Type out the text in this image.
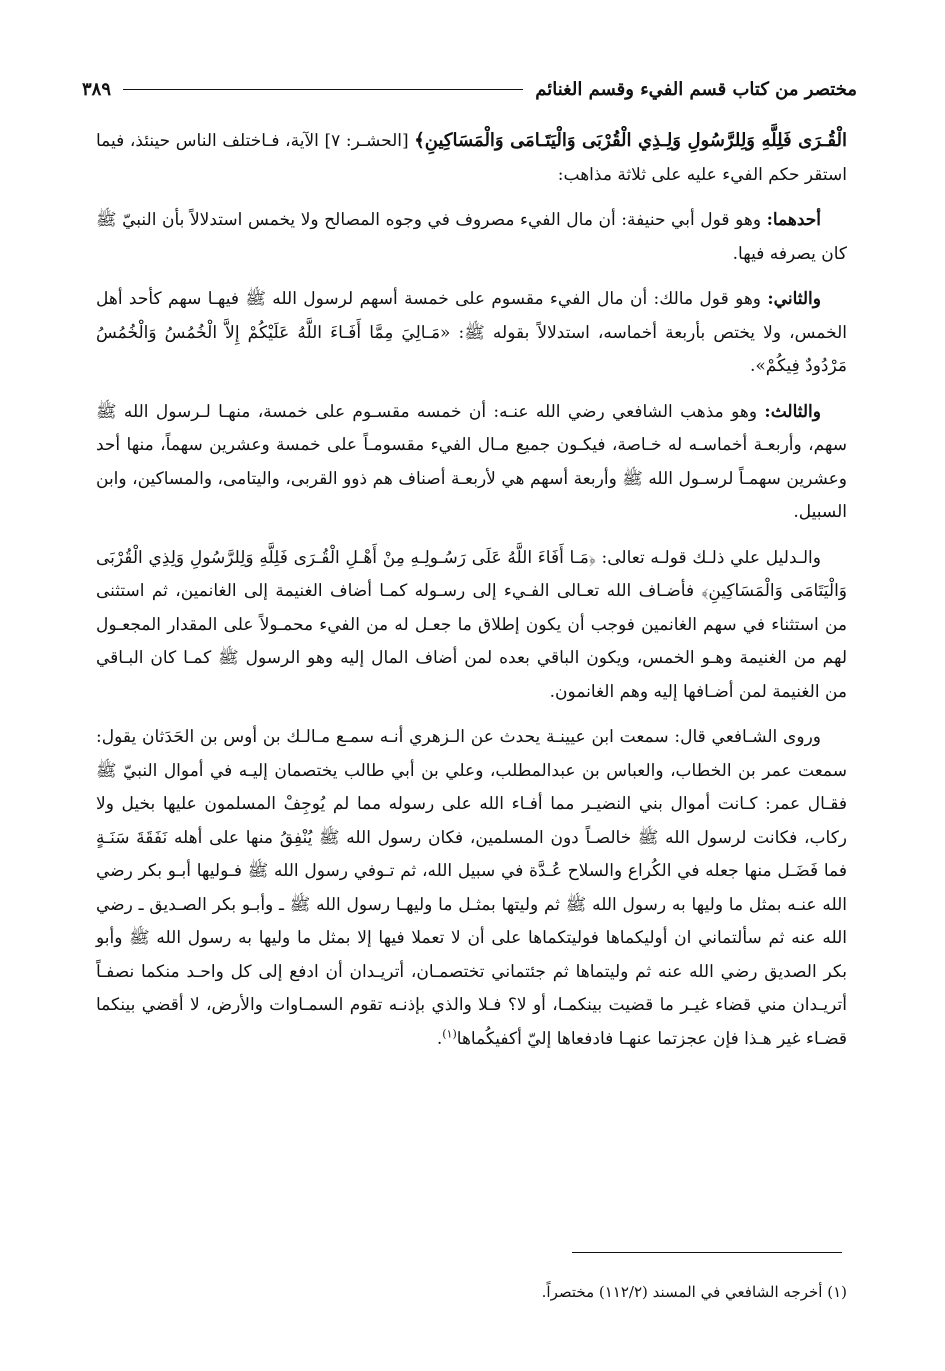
مختصر من كتاب قسم الفيء وقسم الغنائم
٣٨٩

الْقُـرَى فَلِلَّهِ وَلِلرَّسُولِ وَلِـذِي الْقُرْبَى وَالْيَتَـامَى وَالْمَسَاكِينِ﴾ [الحشـر: ٧] الآية، فـاختلف الناس حينئذ، فيما استقر حكم الفيء عليه على ثلاثة مذاهب:

أحدهما: وهو قول أبي حنيفة: أن مال الفيء مصروف في وجوه المصالح ولا يخمس استدلالاً بأن النبيّ ﷺ كان يصرفه فيها.

والثاني: وهو قول مالك: أن مال الفيء مقسوم على خمسة أسهم لرسول الله ﷺ فيهـا سهم كأحد أهل الخمس، ولا يختص بأربعة أخماسه، استدلالاً بقوله ﷺ: «مَـالِيَ مِمَّا أَفَـاءَ اللَّهُ عَلَيْكُمْ إِلاَّ الْخُمُسُ وَالْخُمُسُ مَرْدُودٌ فِيكُمْ».

والثالث: وهو مذهب الشافعي رضي الله عنـه: أن خمسه مقسـوم على خمسة، منهـا لـرسول الله ﷺ سهم، وأربعـة أخماسـه له خـاصة، فيكـون جميع مـال الفيء مقسومـاً على خمسة وعشرين سهماً، منها أحد وعشرين سهمـاً لرسـول الله ﷺ وأربعة أسهم هي لأربعـة أصناف هم ذوو القربى، واليتامى، والمساكين، وابن السبيل.

والـدليل علي ذلـك قولـه تعالى: ﴿مَـا أَفَاءَ اللَّهُ عَلَى رَسُـولِـهِ مِنْ أَهْـلِ الْقُـرَى فَلِلَّهِ وَلِلرَّسُولِ وَلِذِي الْقُرْبَى وَالْيَتَامَى وَالْمَسَاكِينِ﴾ فأضـاف الله تعـالى الفـيء إلى رسـوله كمـا أضاف الغنيمة إلى الغانمين، ثم استثنى من استثناء في سهم الغانمين فوجب أن يكون إطلاق ما جعـل له من الفيء محمـولاً على المقدار المجعـول لهم من الغنيمة وهـو الخمس، ويكون الباقي بعده لمن أضاف المال إليه وهو الرسول ﷺ كمـا كان البـاقي من الغنيمة لمن أضـافها إليه وهم الغانمون.

وروى الشـافعي قال: سمعت ابن عيينـة يحدث عن الـزهري أنـه سمـع مـالـك بن أوس بن الحَدَثان يقول: سمعت عمر بن الخطاب، والعباس بن عبدالمطلب، وعلي بن أبي طالب يختصمان إليـه في أموال النبيّ ﷺ فقـال عمر: كـانت أموال بني النضيـر مما أفـاء الله على رسوله مما لم يُوجِفْ المسلمون عليها بخيل ولا ركاب، فكانت لرسول الله ﷺ خالصـاً دون المسلمين، فكان رسول الله ﷺ يُنْفِقُ منها على أهله نَفَقَةَ سَنَـةٍ فما فَضَـل منها جعله في الكُراع والسلاح عُـدَّة في سبيل الله، ثم تـوفي رسول الله ﷺ فـوليها أبـو بكر رضي الله عنـه بمثل ما وليها به رسول الله ﷺ ثم وليتها بمثـل ما وليهـا رسول الله ﷺ ـ وأبـو بكر الصـديق ـ رضي الله عنه ثم سألتماني ان أوليكماها فوليتكماها على أن لا تعملا فيها إلا بمثل ما وليها به رسول الله ﷺ وأبو بكر الصديق رضي الله عنه ثم وليتماها ثم جئتماني تختصمـان، أتريـدان أن ادفع إلى كل واحـد منكما نصفـاً أتريـدان مني قضاء غيـر ما قضيت بينكمـا، أو لا؟ فـلا والذي بإذنـه تقوم السمـاوات والأرض، لا أقضي بينكما قضـاء غير هـذا فإن عجزتما عنهـا فادفعاها إليّ أكفيكُماها$^{(١)}$.

(١) أخرجه الشافعي في المسند (١١٢/٢) مختصراً.
